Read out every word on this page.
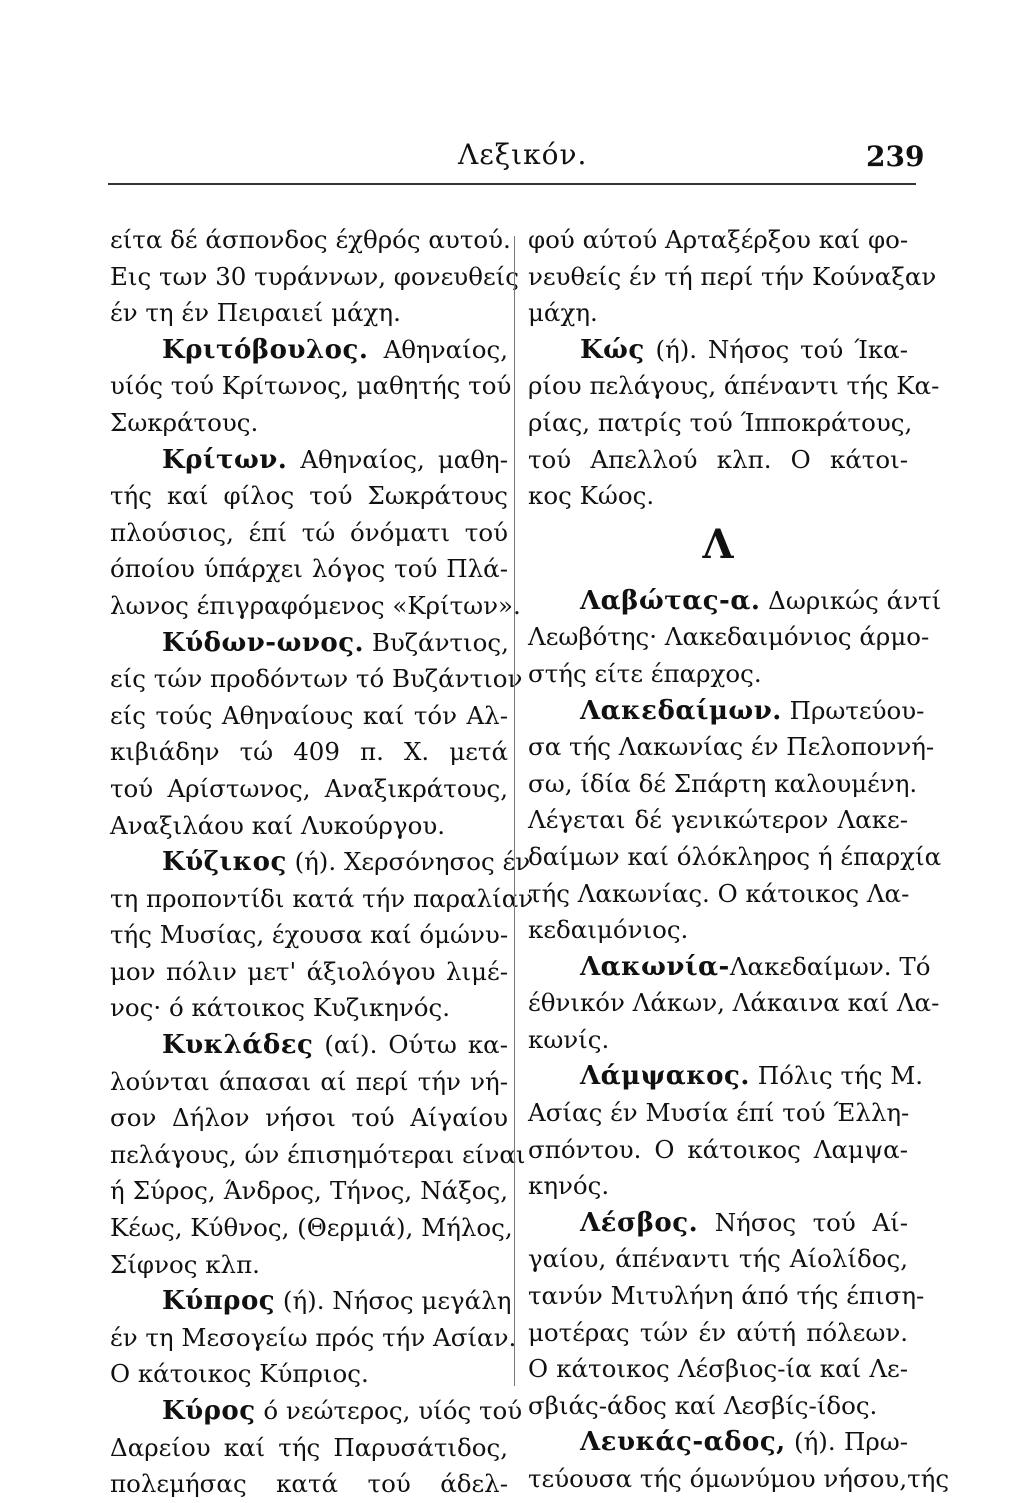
Λεξικόν.	239
είτα δέ άσπονδος έχθρός αυτού.
Εις των 30 τυράννων, φονευθείς
έν τη έν Πειραιεί μάχη.
Κριτόβουλος. Αθηναίος,
υίός τού Κρίτωνος, μαθητής τού
Σωκράτους.
Κρίτων. Αθηναίος, μαθη-
τής καί φίλος τού Σωκράτους
πλούσιος, έπί τώ όνόματι τού
όποίου ύπάρχει λόγος τού Πλά-
λωνος έπιγραφόμενος «Κρίτων».
Κύδων-ωνος. Βυζάντιος,
είς τών προδόντων τό Βυζάντιον
είς τούς Αθηναίους καί τόν Αλ-
κιβιάδην τώ 409 π. Χ. μετά
τού Αρίστωνος, Αναξικράτους,
Αναξιλάου καί Λυκούργου.
Κύζικος (ή). Χερσόνησος έν
τη προποντίδι κατά τήν παραλίαν
τής Μυσίας, έχουσα καί όμώνυ-
μον πόλιν μετ' άξιολόγου λιμέ-
νος· ό κάτοικος Κυζικηνός.
Κυκλάδες (αί). Ούτω κα-
λούνται άπασαι αί περί τήν νή-
σον Δήλον νήσοι τού Αίγαίου
πελάγους, ών έπισημότεραι είναι
ή Σύρος, Άνδρος, Τήνος, Νάξος,
Κέως, Κύθνος, (Θερμιά), Μήλος,
Σίφνος κλπ.
Κύπρος (ή). Νήσος μεγάλη
έν τη Μεσογείω πρός τήν Ασίαν.
Ο κάτοικος Κύπριος.
Κύρος ό νεώτερος, υίός τού
Δαρείου καί τής Παρυσάτιδος,
πολεμήσας κατά τού άδελ-
φού αύτού Αρταξέρξου καί φο-
νευθείς έν τή περί τήν Κούναξαν
μάχη.
Κώς (ή). Νήσος τού Ίκα-
ρίου πελάγους, άπέναντι τής Κα-
ρίας, πατρίς τού Ίπποκράτους,
τού Απελλού κλπ. Ο κάτοι-
κος Κώος.
Λ
Λαβώτας-α. Δωρικώς άντί
Λεωβότης· Λακεδαιμόνιος άρμο-
στής είτε έπαρχος.
Λακεδαίμων. Πρωτεύου-
σα τής Λακωνίας έν Πελοποννή-
σω, ίδία δέ Σπάρτη καλουμένη.
Λέγεται δέ γενικώτερον Λακε-
δαίμων καί όλόκληρος ή έπαρχία
τής Λακωνίας. Ο κάτοικος Λα-
κεδαιμόνιος.
Λακωνία-Λακεδαίμων. Τό
έθνικόν Λάκων, Λάκαινα καί Λα-
κωνίς.
Λάμψακος. Πόλις τής Μ.
Ασίας έν Μυσία έπί τού Έλλη-
σπόντου. Ο κάτοικος Λαμψα-
κηνός.
Λέσβος. Νήσος τού Αί-
γαίου, άπέναντι τής Αίολίδος,
τανύν Μιτυλήνη άπό τής έπιση-
μοτέρας τών έν αύτή πόλεων.
Ο κάτοικος Λέσβιος-ία καί Λε-
σβιάς-άδος καί Λεσβίς-ίδος.
Λευκάς-αδος, (ή). Πρω-
τεύουσα τής όμωνύμου νήσου,τής
